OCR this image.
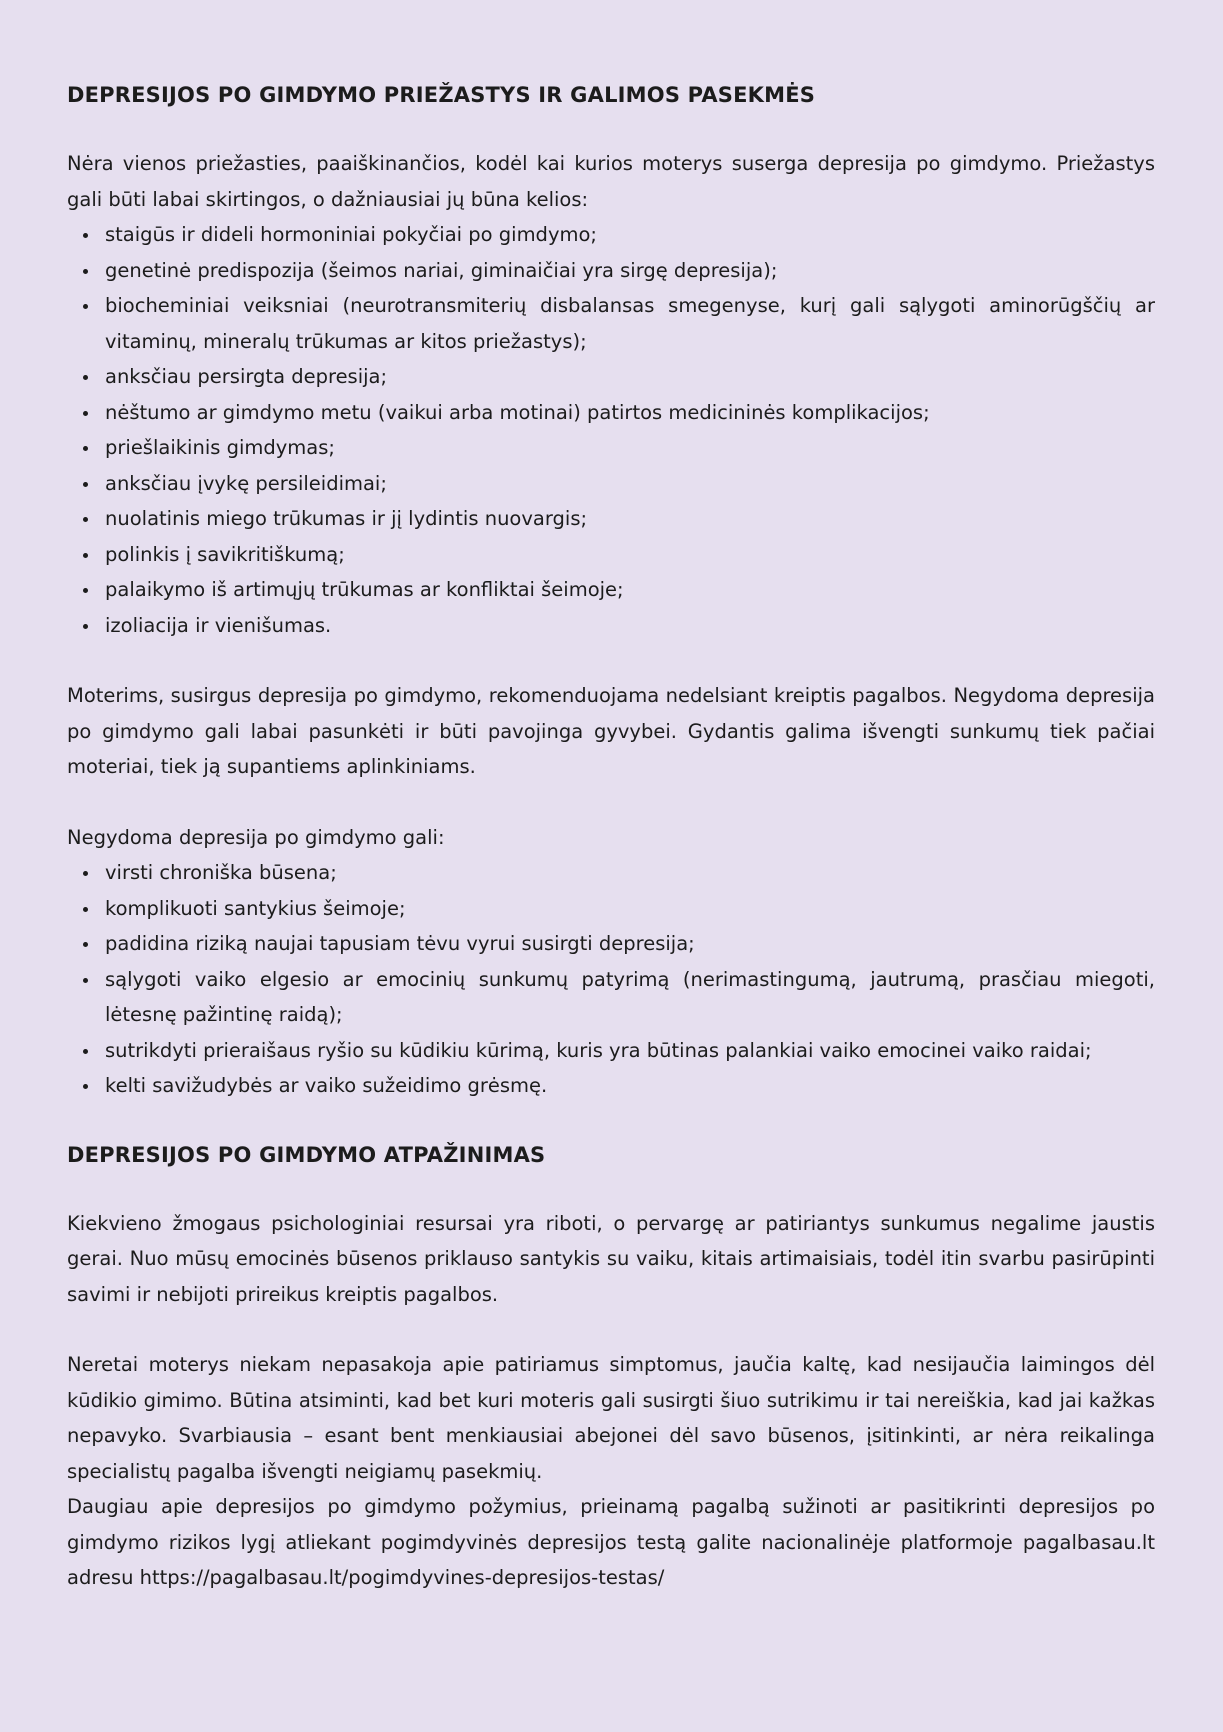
DEPRESIJOS PO GIMDYMO PRIEŽASTYS IR GALIMOS PASEKMĖS

Nėra vienos priežasties, paaiškinančios, kodėl kai kurios moterys suserga depresija po gimdymo. Priežastys gali būti labai skirtingos, o dažniausiai jų būna kelios:

staigūs ir dideli hormoniniai pokyčiai po gimdymo;
genetinė predispozija (šeimos nariai, giminaičiai yra sirgę depresija);
biocheminiai veiksniai (neurotransmiterių disbalansas smegenyse, kurį gali sąlygoti aminorūgščių ar vitaminų, mineralų trūkumas ar kitos priežastys);
anksčiau persirgta depresija;
nėštumo ar gimdymo metu (vaikui arba motinai) patirtos medicininės komplikacijos;
priešlaikinis gimdymas;
anksčiau įvykę persileidimai;
nuolatinis miego trūkumas ir jį lydintis nuovargis;
polinkis į savikritiškumą;
palaikymo iš artimųjų trūkumas ar konfliktai šeimoje;
izoliacija ir vienišumas.

Moterims, susirgus depresija po gimdymo, rekomenduojama nedelsiant kreiptis pagalbos. Negydoma depresija po gimdymo gali labai pasunkėti ir būti pavojinga gyvybei. Gydantis galima išvengti sunkumų tiek pačiai moteriai, tiek ją supantiems aplinkiniams.

Negydoma depresija po gimdymo gali:

virsti chroniška būsena;
komplikuoti santykius šeimoje;
padidina riziką naujai tapusiam tėvu vyrui susirgti depresija;
sąlygoti vaiko elgesio ar emocinių sunkumų patyrimą (nerimastingumą, jautrumą, prasčiau miegoti, lėtesnę pažintinę raidą);
sutrikdyti prieraišaus ryšio su kūdikiu kūrimą, kuris yra būtinas palankiai vaiko emocinei vaiko raidai;
kelti savižudybės ar vaiko sužeidimo grėsmę.
DEPRESIJOS PO GIMDYMO ATPAŽINIMAS

Kiekvieno žmogaus psichologiniai resursai yra riboti, o pervargę ar patiriantys sunkumus negalime jaustis gerai. Nuo mūsų emocinės būsenos priklauso santykis su vaiku, kitais artimaisiais, todėl itin svarbu pasirūpinti savimi ir nebijoti prireikus kreiptis pagalbos.

Neretai moterys niekam nepasakoja apie patiriamus simptomus, jaučia kaltę, kad nesijaučia laimingos dėl kūdikio gimimo. Būtina atsiminti, kad bet kuri moteris gali susirgti šiuo sutrikimu ir tai nereiškia, kad jai kažkas nepavyko. Svarbiausia – esant bent menkiausiai abejonei dėl savo būsenos, įsitinkinti, ar nėra reikalinga specialistų pagalba išvengti neigiamų pasekmių.

Daugiau apie depresijos po gimdymo požymius, prieinamą pagalbą sužinoti ar pasitikrinti depresijos po gimdymo rizikos lygį atliekant pogimdyvinės depresijos testą galite nacionalinėje platformoje pagalbasau.lt adresu https://pagalbasau.lt/pogimdyvines-depresijos-testas/
